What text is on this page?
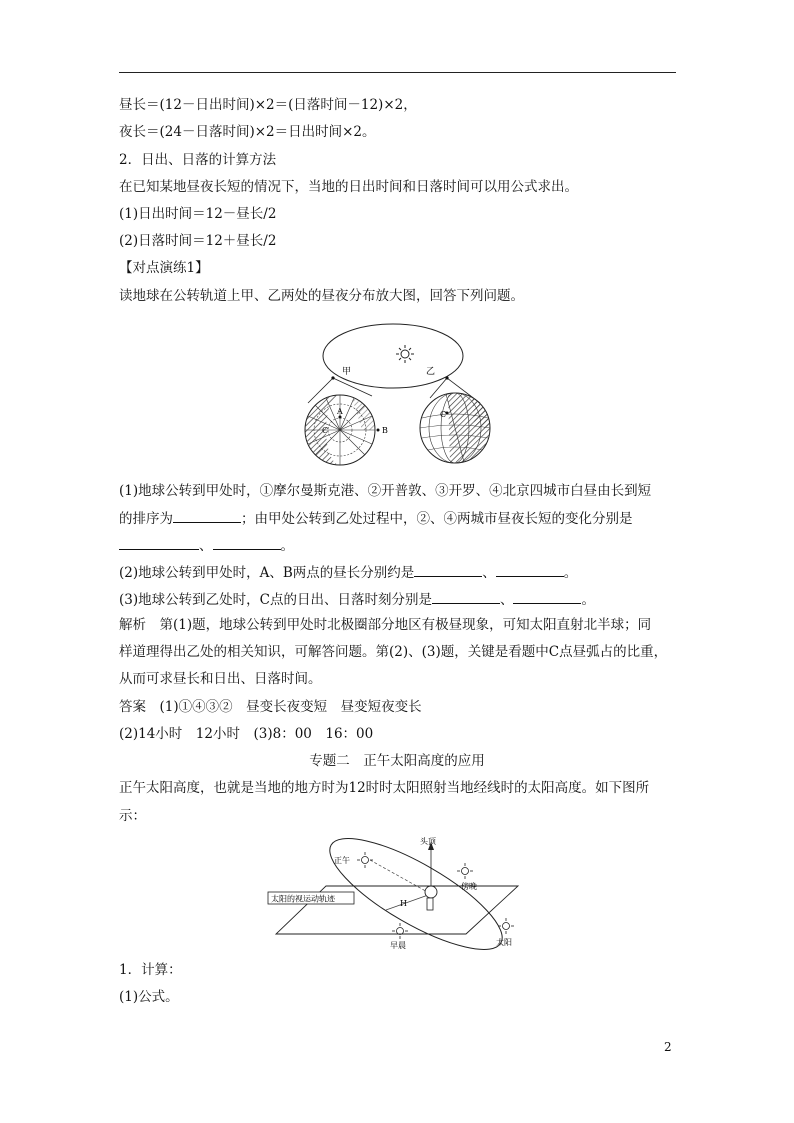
昼长＝(12－日出时间)×2＝(日落时间－12)×2，
夜长＝(24－日落时间)×2＝日出时间×2。
2．日出、日落的计算方法
在已知某地昼夜长短的情况下，当地的日出时间和日落时间可以用公式求出。
(1)日出时间＝12－昼长/2
(2)日落时间＝12＋昼长/2
【对点演练1】
读地球在公转轨道上甲、乙两处的昼夜分布放大图，回答下列问题。
甲	乙
A
B
C
C
(1)地球公转到甲处时，①摩尔曼斯克港、②开普敦、③开罗、④北京四城市白昼由长到短
的排序为	；由甲处公转到乙处过程中，②、④两城市昼夜长短的变化分别是
、	。
(2)地球公转到甲处时，A、B两点的昼长分别约是	、	。
(3)地球公转到乙处时，C点的日出、日落时刻分别是	、	。
解析　第(1)题，地球公转到甲处时北极圈部分地区有极昼现象，可知太阳直射北半球；同
样道理得出乙处的相关知识，可解答问题。第(2)、(3)题，关键是看题中C点昼弧占的比重，
从而可求昼长和日出、日落时间。
答案　(1)①④③②　昼变长夜变短　昼变短夜变长
(2)14小时　12小时　(3)8：00　16：00
专题二　正午太阳高度的应用
正午太阳高度，也就是当地的地方时为12时时太阳照射当地经线时的太阳高度。如下图所
示：
太阳的视运动轨迹
头顶
正午
傍晚
早晨	太阳
H
1．计算：
(1)公式。
2
